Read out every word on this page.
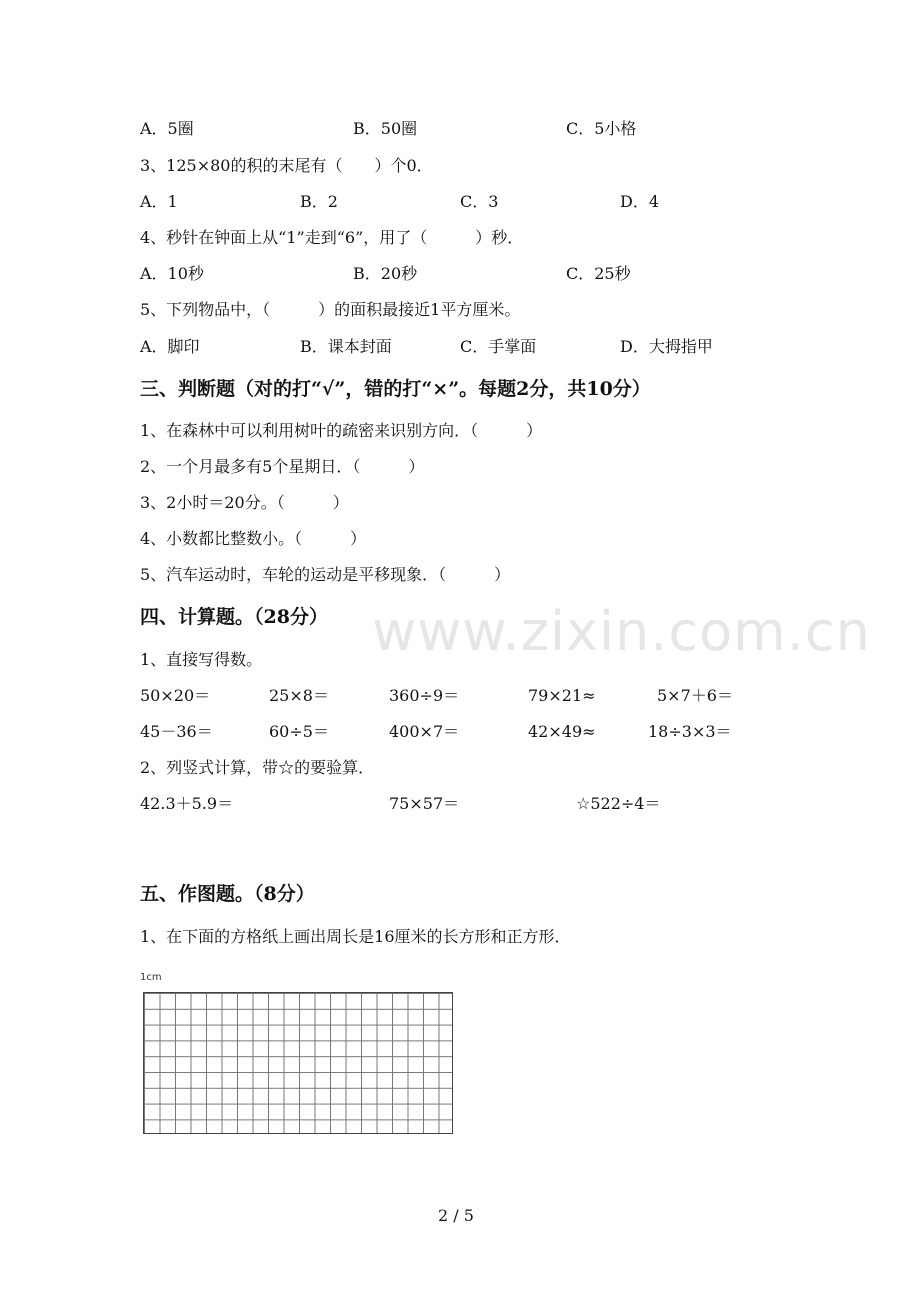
www.zixin.com.cn
A．5圈	B．50圈	C．5小格
3、125×80的积的末尾有（　　）个0．
A．1	B．2	C．3	D．4
4、秒针在钟面上从“1”走到“6”，用了（　　　）秒．
A．10秒	B．20秒	C．25秒
5、下列物品中，（　　　）的面积最接近1平方厘米。
A．脚印	B．课本封面	C．手掌面	D．大拇指甲
三、判断题（对的打“√”，错的打“×”。每题2分，共10分）
1、在森林中可以利用树叶的疏密来识别方向．（　　　）
2、一个月最多有5个星期日．（　　　）
3、2小时＝20分。（　　　）
4、小数都比整数小。（　　　）
5、汽车运动时，车轮的运动是平移现象．（　　　）
四、计算题。（28分）
1、直接写得数。
50×20＝	25×8＝	360÷9＝	79×21≈	5×7＋6＝
45－36＝	60÷5＝	400×7＝	42×49≈	18÷3×3＝
2、列竖式计算，带☆的要验算．
42.3＋5.9＝	75×57＝	☆522÷4＝
五、作图题。（8分）
1、在下面的方格纸上画出周长是16厘米的长方形和正方形．
1cm
2 / 5
